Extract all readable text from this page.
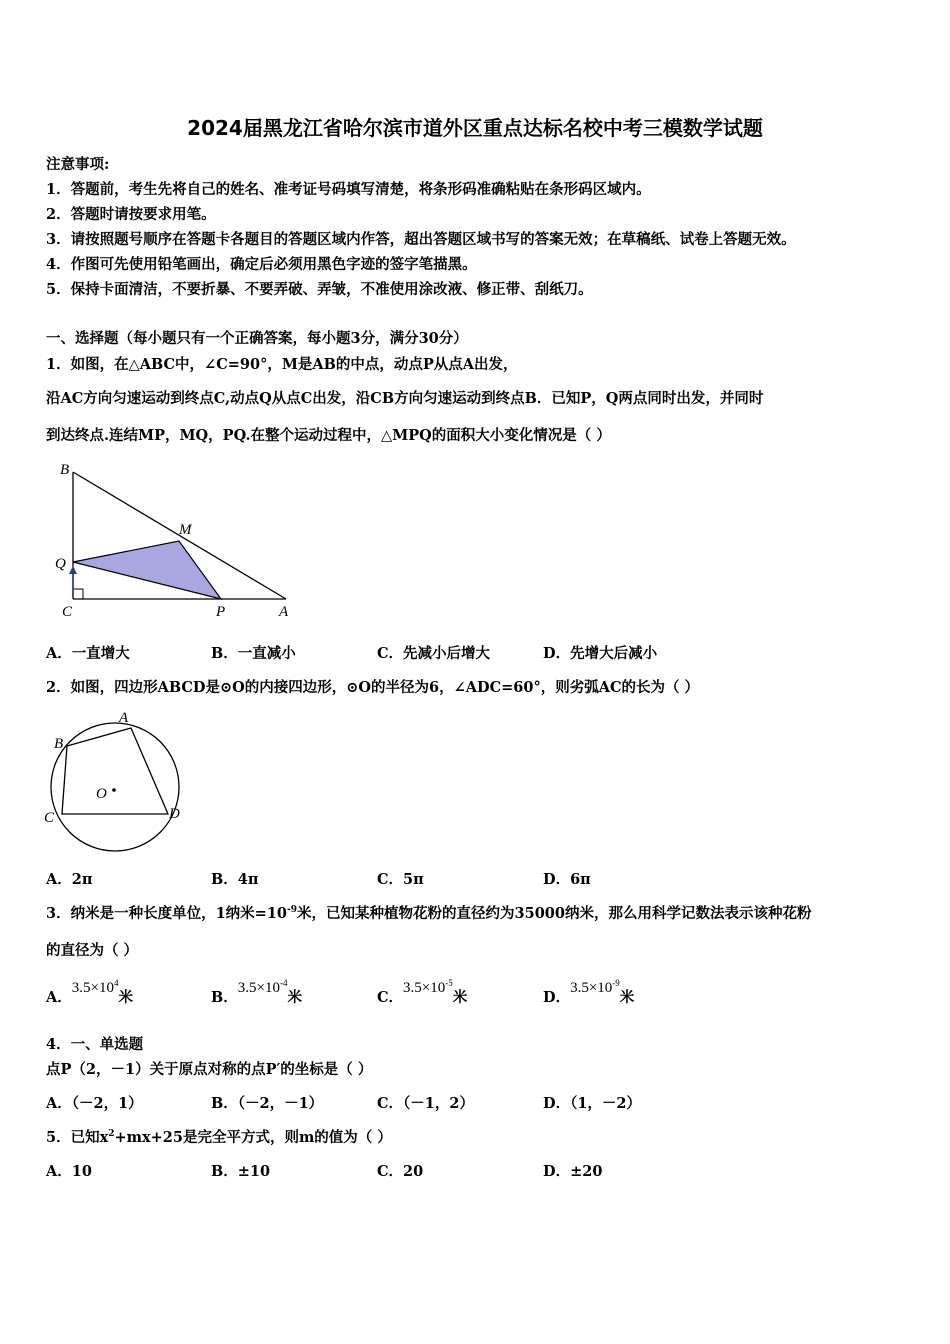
2024届黑龙江省哈尔滨市道外区重点达标名校中考三模数学试题
注意事项:
1．答题前，考生先将自己的姓名、准考证号码填写清楚，将条形码准确粘贴在条形码区域内。
2．答题时请按要求用笔。
3．请按照题号顺序在答题卡各题目的答题区域内作答，超出答题区域书写的答案无效；在草稿纸、试卷上答题无效。
4．作图可先使用铅笔画出，确定后必须用黑色字迹的签字笔描黑。
5．保持卡面清洁，不要折暴、不要弄破、弄皱，不准使用涂改液、修正带、刮纸刀。
一、选择题（每小题只有一个正确答案，每小题3分，满分30分）
1．如图，在△ABC中，∠C=90°，M是AB的中点，动点P从点A出发，
沿AC方向匀速运动到终点C,动点Q从点C出发，沿CB方向匀速运动到终点B．已知P，Q两点同时出发，并同时
到达终点.连结MP，MQ，PQ.在整个运动过程中，△MPQ的面积大小变化情况是（ ）
B
M
Q
C	P	A
A．一直增大	B．一直减小	C．先减小后增大	D．先增大后减小
2．如图，四边形ABCD是⊙O的内接四边形，⊙O的半径为6，∠ADC=60°，则劣弧AC的长为（ ）
A
B
C	D
O
A．2π	B．4π	C．5π	D．6π
3．纳米是一种长度单位，1纳米$=10^{-9}$米，已知某种植物花粉的直径约为35000纳米，那么用科学记数法表示该种花粉
的直径为（ ）
A．$3.5\times 10^4$米	B．$3.5\times 10^{-4}$米	C．$3.5\times 10^{-5}$米	D．$3.5\times 10^{-9}$米
4．一、单选题
点P（2，－1）关于原点对称的点P′的坐标是（ ）
A．（－2，1）	B．（－2，－1）	C．（－1，2）	D．（1，－2）
5．已知$x^2+mx+25$是完全平方式，则m的值为（ ）
A．10	B．±10	C．20	D．±20
